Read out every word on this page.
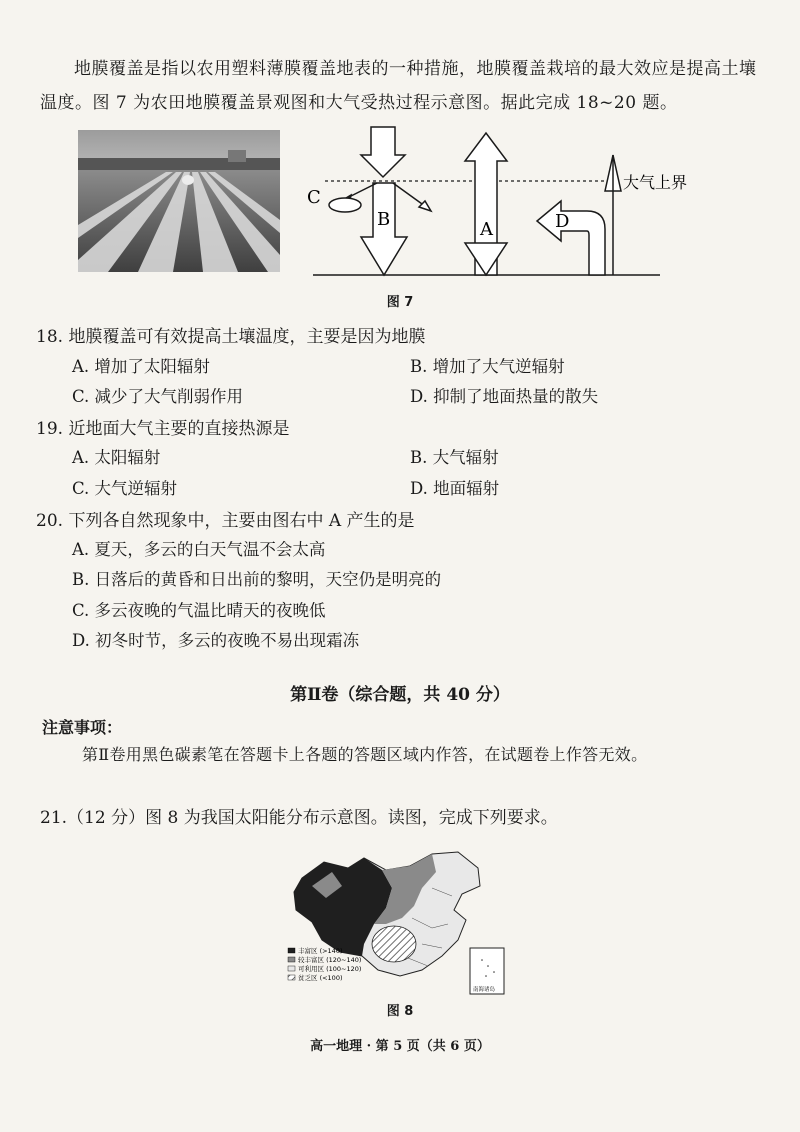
地膜覆盖是指以农用塑料薄膜覆盖地表的一种措施，地膜覆盖栽培的最大效应是提高土壤温度。图 7 为农田地膜覆盖景观图和大气受热过程示意图。据此完成 18~20 题。
C
B	A	D
大气上界
图 7
18. 地膜覆盖可有效提高土壤温度，主要是因为地膜
A. 增加了太阳辐射	B. 增加了大气逆辐射
C. 减少了大气削弱作用	D. 抑制了地面热量的散失
19. 近地面大气主要的直接热源是
A. 太阳辐射	B. 大气辐射
C. 大气逆辐射	D. 地面辐射
20. 下列各自然现象中，主要由图右中 A 产生的是
A. 夏天，多云的白天气温不会太高
B. 日落后的黄昏和日出前的黎明，天空仍是明亮的
C. 多云夜晚的气温比晴天的夜晚低
D. 初冬时节，多云的夜晚不易出现霜冻
第Ⅱ卷（综合题，共 40 分）
注意事项：
第Ⅱ卷用黑色碳素笔在答题卡上各题的答题区域内作答，在试题卷上作答无效。
21.（12 分）图 8 为我国太阳能分布示意图。读图，完成下列要求。
丰富区 (>140)
较丰富区 (120~140)
可利用区 (100~120)
贫乏区 (<100)
南海诸岛
图 8
高一地理 · 第 5 页（共 6 页）
